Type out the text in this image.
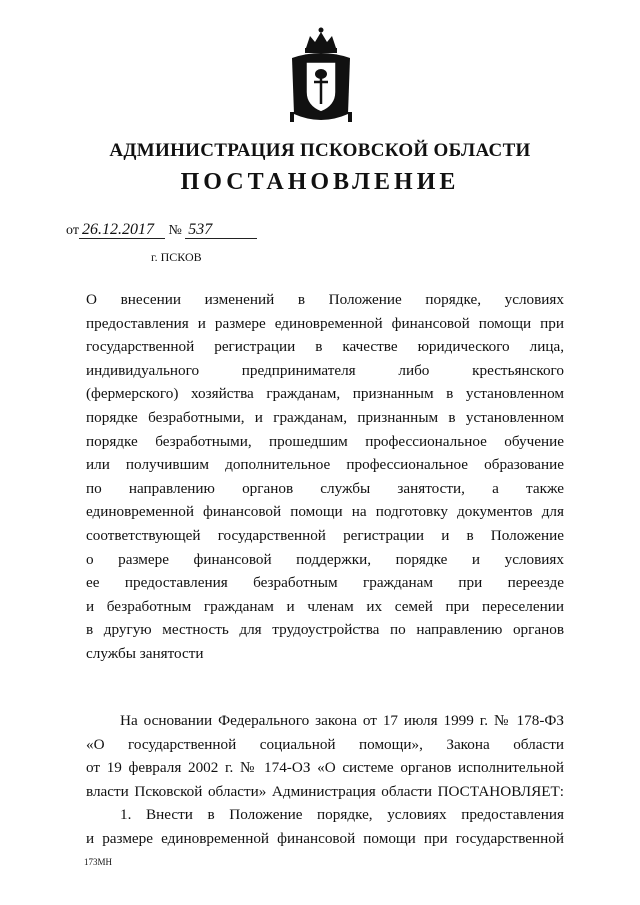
АДМИНИСТРАЦИЯ ПСКОВСКОЙ ОБЛАСТИ
ПОСТАНОВЛЕНИЕ
от 26.12.2017 № 537
г. ПСКОВ
О внесении изменений в Положение порядке, условиях
предоставления и размере единовременной финансовой помощи при
государственной регистрации в качестве юридического лица,
индивидуального предпринимателя либо крестьянского
(фермерского) хозяйства гражданам, признанным в установленном
порядке безработными, и гражданам, признанным в установленном
порядке безработными, прошедшим профессиональное обучение
или получившим дополнительное профессиональное образование
по направлению органов службы занятости, а также
единовременной финансовой помощи на подготовку документов для
соответствующей государственной регистрации и в Положение
о размере финансовой поддержки, порядке и условиях
ее предоставления безработным гражданам при переезде
и безработным гражданам и членам их семей при переселении
в другую местность для трудоустройства по направлению органов
службы занятости
На основании Федерального закона от 17 июля 1999 г. № 178-ФЗ
«О государственной социальной помощи», Закона области
от 19 февраля 2002 г. № 174-ОЗ «О системе органов исполнительной
власти Псковской области» Администрация области ПОСТАНОВЛЯЕТ:
1. Внести в Положение порядке, условиях предоставления
и размере единовременной финансовой помощи при государственной
173МН
